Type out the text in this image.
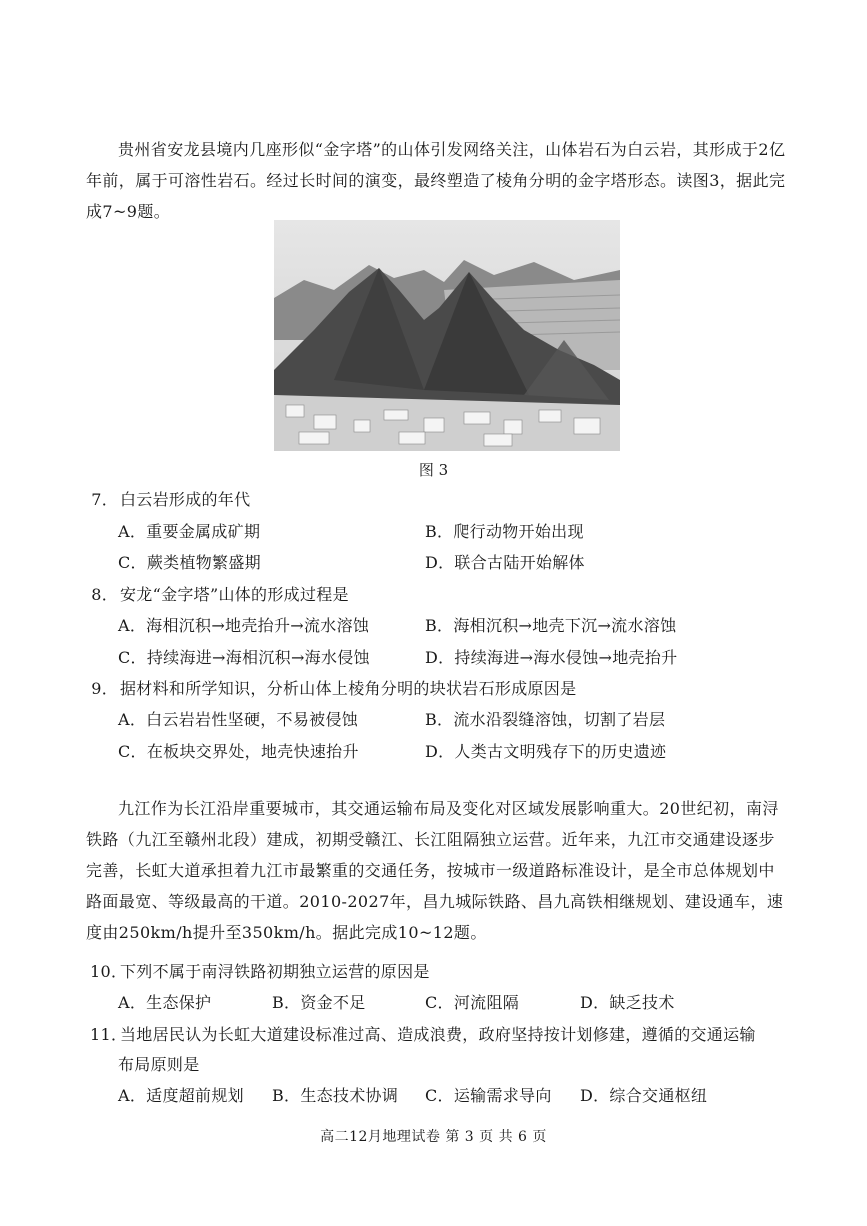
贵州省安龙县境内几座形似“金字塔”的山体引发网络关注，山体岩石为白云岩，其形成于2亿年前，属于可溶性岩石。经过长时间的演变，最终塑造了棱角分明的金字塔形态。读图3，据此完成7~9题。

图 3
7． 白云岩形成的年代
A．重要金属成矿期	B．爬行动物开始出现
C．蕨类植物繁盛期	D．联合古陆开始解体
8． 安龙“金字塔”山体的形成过程是
A．海相沉积→地壳抬升→流水溶蚀	B．海相沉积→地壳下沉→流水溶蚀
C．持续海进→海相沉积→海水侵蚀	D．持续海进→海水侵蚀→地壳抬升
9． 据材料和所学知识，分析山体上棱角分明的块状岩石形成原因是
A．白云岩岩性坚硬，不易被侵蚀	B．流水沿裂缝溶蚀，切割了岩层
C．在板块交界处，地壳快速抬升	D．人类古文明残存下的历史遗迹

九江作为长江沿岸重要城市，其交通运输布局及变化对区域发展影响重大。20世纪初，南浔铁路（九江至赣州北段）建成，初期受赣江、长江阻隔独立运营。近年来，九江市交通建设逐步完善，长虹大道承担着九江市最繁重的交通任务，按城市一级道路标准设计，是全市总体规划中路面最宽、等级最高的干道。2010-2027年，昌九城际铁路、昌九高铁相继规划、建设通车，速度由250km/h提升至350km/h。据此完成10~12题。

10．下列不属于南浔铁路初期独立运营的原因是
A．生态保护	B．资金不足	C．河流阻隔	D．缺乏技术
11．当地居民认为长虹大道建设标准过高、造成浪费，政府坚持按计划修建，遵循的交通运输
布局原则是
A．适度超前规划 B．生态技术协调 C．运输需求导向 D．综合交通枢纽
高二12月地理试卷 第 3 页 共 6 页
